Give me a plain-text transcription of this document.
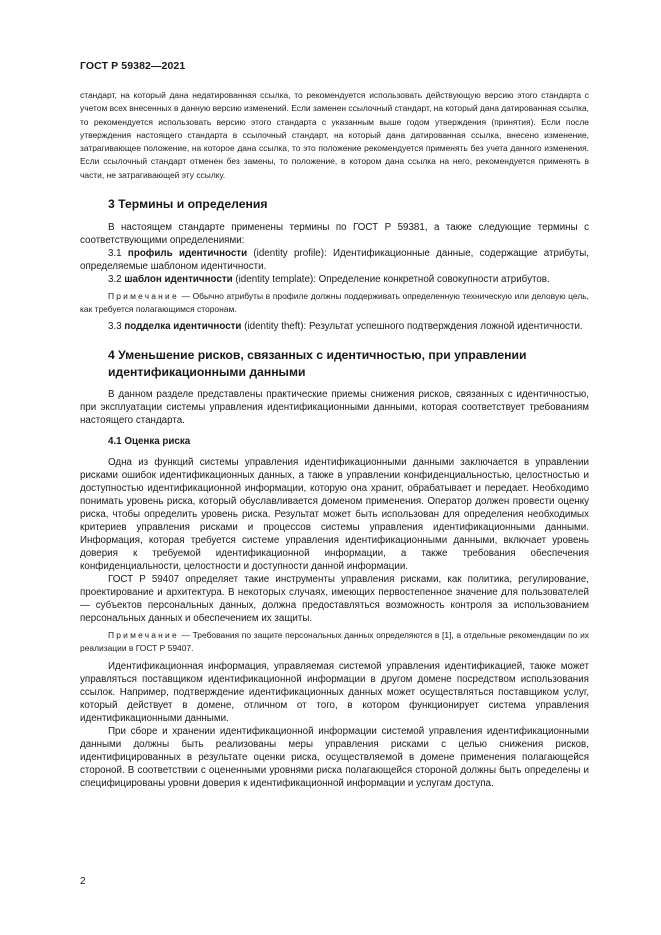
ГОСТ Р 59382—2021

стандарт, на который дана недатированная ссылка, то рекомендуется использовать действующую версию этого стандарта с учетом всех внесенных в данную версию изменений. Если заменен ссылочный стандарт, на который дана датированная ссылка, то рекомендуется использовать версию этого стандарта с указанным выше годом утверждения (принятия). Если после утверждения настоящего стандарта в ссылочный стандарт, на который дана датированная ссылка, внесено изменение, затрагивающее положение, на которое дана ссылка, то это положение рекомендуется применять без учета данного изменения. Если ссылочный стандарт отменен без замены, то положение, в котором дана ссылка на него, рекомендуется применять в части, не затрагивающей эту ссылку.

3 Термины и определения

В настоящем стандарте применены термины по ГОСТ Р 59381, а также следующие термины с соответствующими определениями:

3.1 профиль идентичности (identity profile): Идентификационные данные, содержащие атрибуты, определяемые шаблоном идентичности.

3.2 шаблон идентичности (identity template): Определение конкретной совокупности атрибутов.

Примечание — Обычно атрибуты в профиле должны поддерживать определенную техническую или деловую цель, как требуется полагающимся сторонам.

3.3 подделка идентичности (identity theft): Результат успешного подтверждения ложной идентичности.

4 Уменьшение рисков, связанных с идентичностью, при управлении идентификационными данными

В данном разделе представлены практические приемы снижения рисков, связанных с идентичностью, при эксплуатации системы управления идентификационными данными, которая соответствует требованиям настоящего стандарта.

4.1 Оценка риска

Одна из функций системы управления идентификационными данными заключается в управлении рисками ошибок идентификационных данных, а также в управлении конфиденциальностью, целостностью и доступностью идентификационной информации, которую она хранит, обрабатывает и передает. Необходимо понимать уровень риска, который обуславливается доменом применения. Оператор должен провести оценку риска, чтобы определить уровень риска. Результат может быть использован для определения необходимых критериев управления рисками и процессов системы управления идентификационными данными. Информация, которая требуется системе управления идентификационными данными, включает уровень доверия к требуемой идентификационной информации, а также требования обеспечения конфиденциальности, целостности и доступности данной информации.

ГОСТ Р 59407 определяет такие инструменты управления рисками, как политика, регулирование, проектирование и архитектура. В некоторых случаях, имеющих первостепенное значение для пользователей — субъектов персональных данных, должна предоставляться возможность контроля за использованием персональных данных и обеспечением их защиты.

Примечание — Требования по защите персональных данных определяются в [1], а отдельные рекомендации по их реализации в ГОСТ Р 59407.

Идентификационная информация, управляемая системой управления идентификацией, также может управляться поставщиком идентификационной информации в другом домене посредством использования ссылок. Например, подтверждение идентификационных данных может осуществляться поставщиком услуг, который действует в домене, отличном от того, в котором функционирует система управления идентификационными данными.

При сборе и хранении идентификационной информации системой управления идентификационными данными должны быть реализованы меры управления рисками с целью снижения рисков, идентифицированных в результате оценки риска, осуществляемой в домене применения полагающейся стороной. В соответствии с оцененными уровнями риска полагающейся стороной должны быть определены и специфицированы уровни доверия к идентификационной информации и услугам доступа.

2
